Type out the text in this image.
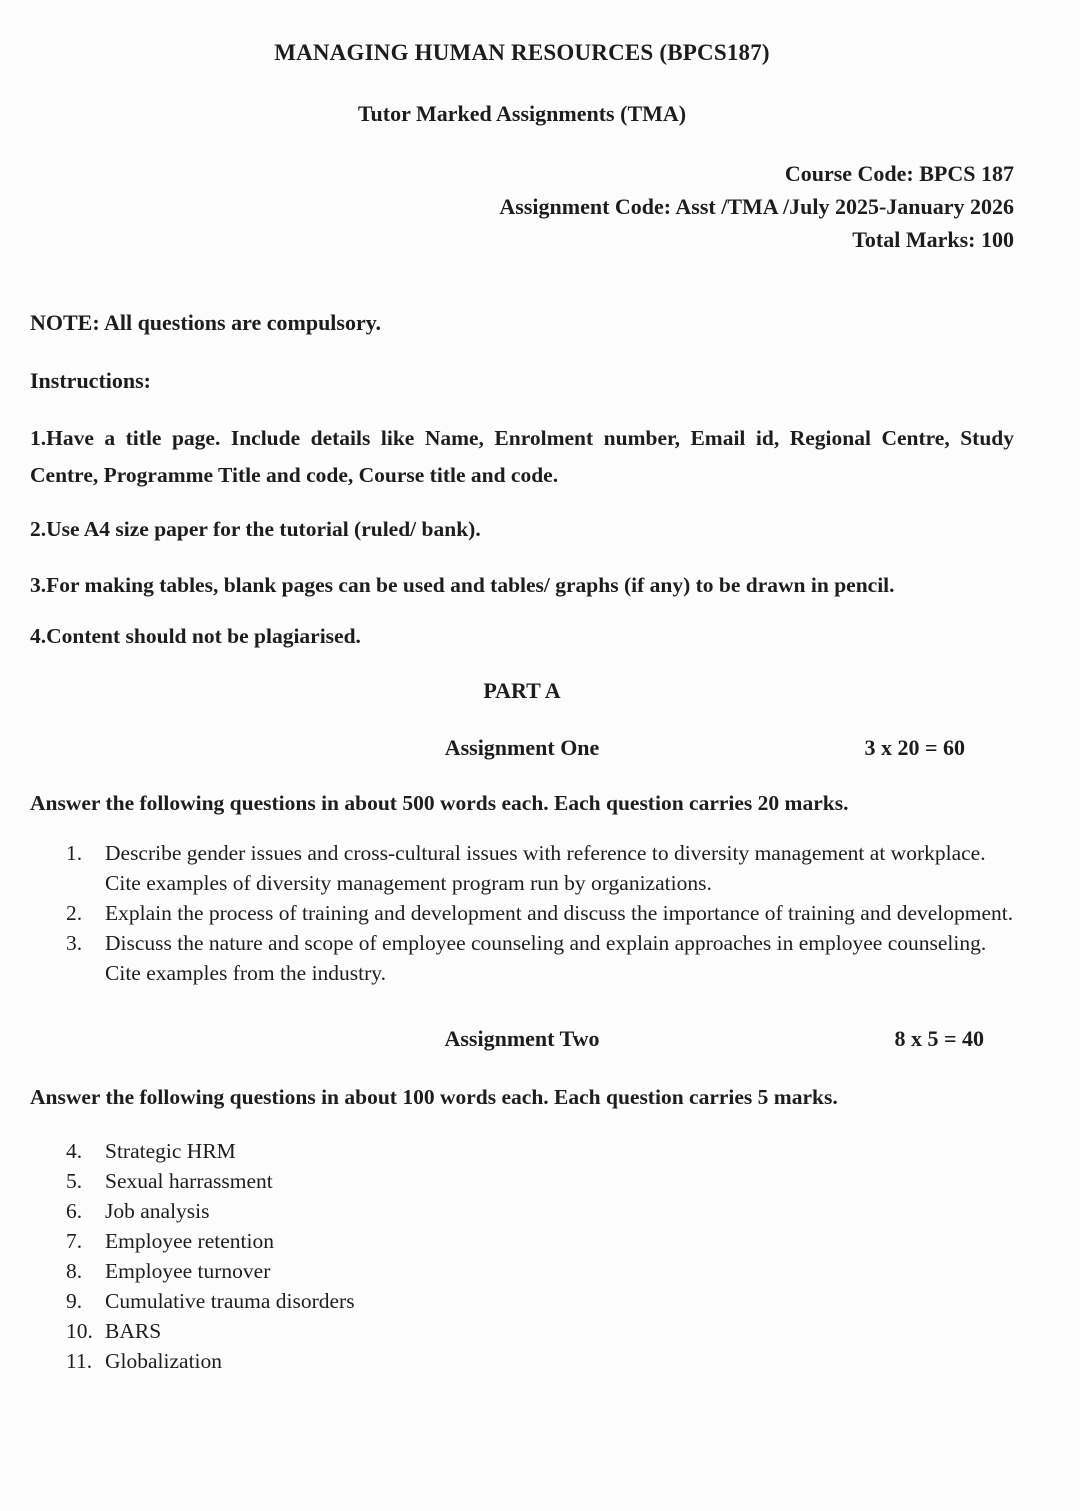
MANAGING HUMAN RESOURCES (BPCS187)
Tutor Marked Assignments (TMA)
Course Code: BPCS 187
Assignment Code: Asst /TMA /July 2025-January 2026
Total Marks: 100

NOTE: All questions are compulsory.

Instructions:

1.Have a title page. Include details like Name, Enrolment number, Email id, Regional Centre, Study Centre, Programme Title and code, Course title and code.

2.Use A4 size paper for the tutorial (ruled/ bank).

3.For making tables, blank pages can be used and tables/ graphs (if any) to be drawn in pencil.

4.Content should not be plagiarised.

PART A
Assignment One	3 x 20 = 60

Answer the following questions in about 500 words each. Each question carries 20 marks.

1.	Describe gender issues and cross-cultural issues with reference to diversity management at workplace. Cite examples of diversity management program run by organizations.
2.	Explain the process of training and development and discuss the importance of training and development.
3.	Discuss the nature and scope of employee counseling and explain approaches in employee counseling. Cite examples from the industry.
Assignment Two	8 x 5 = 40

Answer the following questions in about 100 words each. Each question carries 5 marks.

4.	Strategic HRM
5.	Sexual harrassment
6.	Job analysis
7.	Employee retention
8.	Employee turnover
9.	Cumulative trauma disorders
10. BARS
11. Globalization
